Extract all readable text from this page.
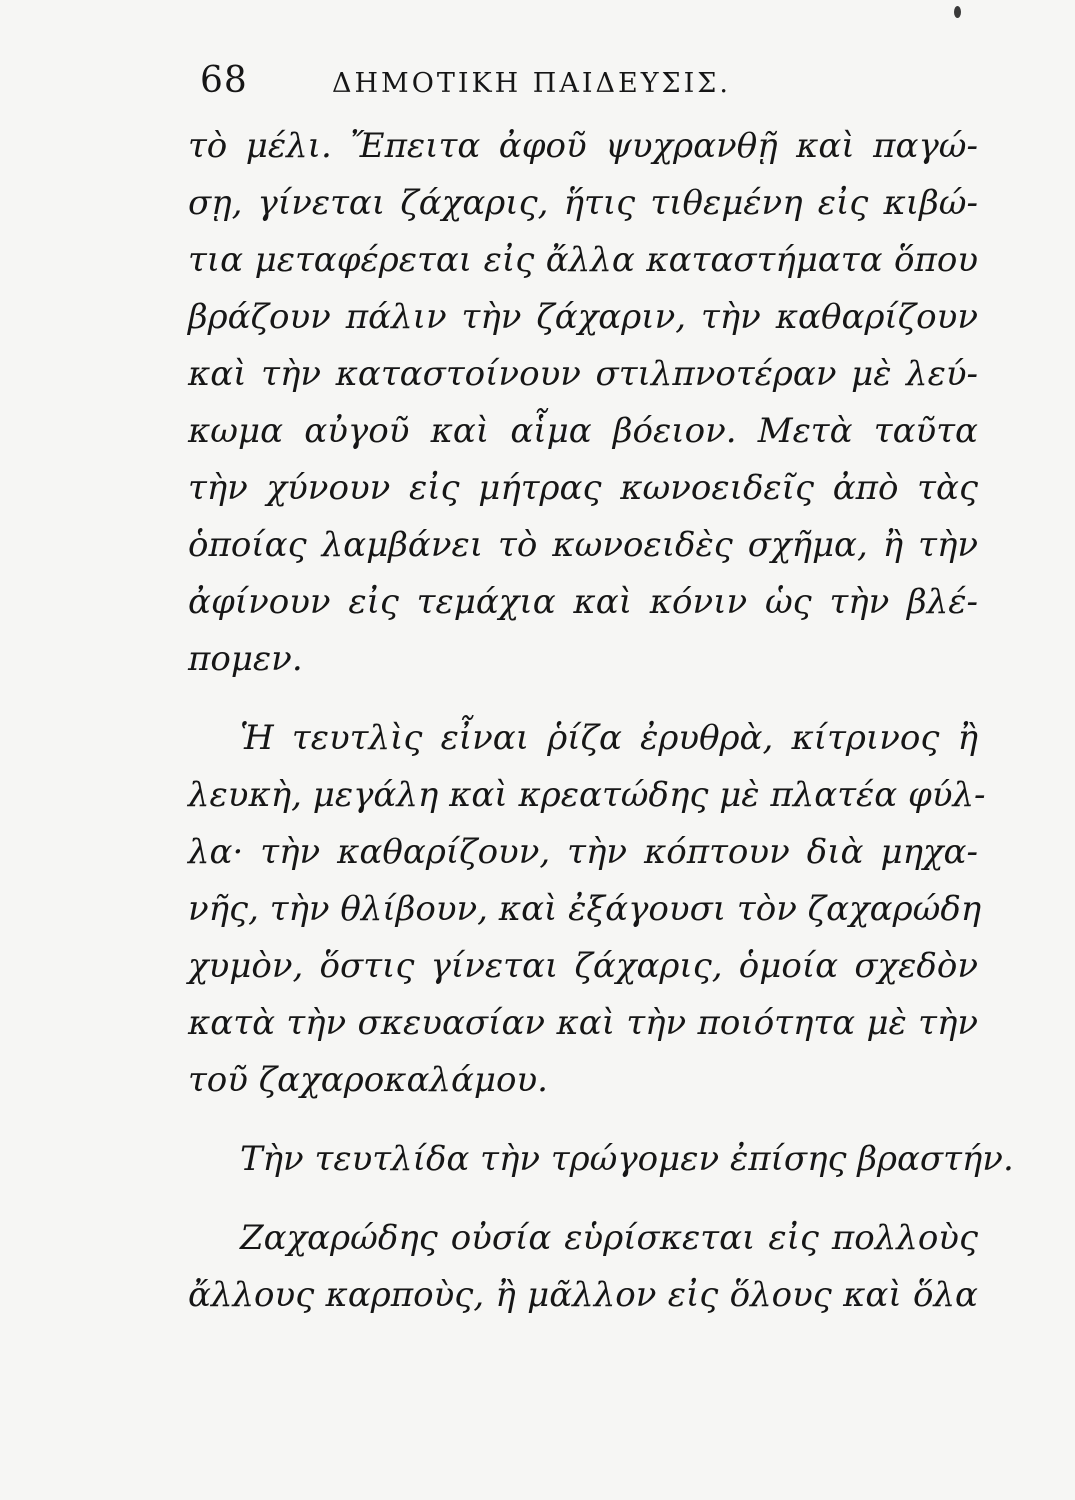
68	ΔΗΜΟΤΙΚΗ ΠΑΙΔΕΥΣΙΣ.
τὸ μέλι. Ἔπειτα ἀφοῦ ψυχρανθῇ καὶ παγώ-
σῃ, γίνεται ζάχαρις, ἥτις τιθεμένη εἰς κιβώ-
τια μεταφέρεται εἰς ἄλλα καταστήματα ὅπου
βράζουν πάλιν τὴν ζάχαριν, τὴν καθαρίζουν
καὶ τὴν καταστοίνουν στιλπνοτέραν μὲ λεύ-
κωμα αὐγοῦ καὶ αἷμα βόειον. Μετὰ ταῦτα
τὴν χύνουν εἰς μήτρας κωνοειδεῖς ἀπὸ τὰς
ὁποίας λαμβάνει τὸ κωνοειδὲς σχῆμα, ἢ τὴν
ἀφίνουν εἰς τεμάχια καὶ κόνιν ὡς τὴν βλέ-
πομεν.
Ἡ τευτλὶς εἶναι ῥίζα ἐρυθρὰ, κίτρινος ἢ
λευκὴ, μεγάλη καὶ κρεατώδης μὲ πλατέα φύλ-
λα· τὴν καθαρίζουν, τὴν κόπτουν διὰ μηχα-
νῆς, τὴν θλίβουν, καὶ ἐξάγουσι τὸν ζαχαρώδη
χυμὸν, ὅστις γίνεται ζάχαρις, ὁμοία σχεδὸν
κατὰ τὴν σκευασίαν καὶ τὴν ποιότητα μὲ τὴν
τοῦ ζαχαροκαλάμου.
Τὴν τευτλίδα τὴν τρώγομεν ἐπίσης βραστήν.
Ζαχαρώδης οὐσία εὑρίσκεται εἰς πολλοὺς
ἄλλους καρποὺς, ἢ μᾶλλον εἰς ὅλους καὶ ὅλα
